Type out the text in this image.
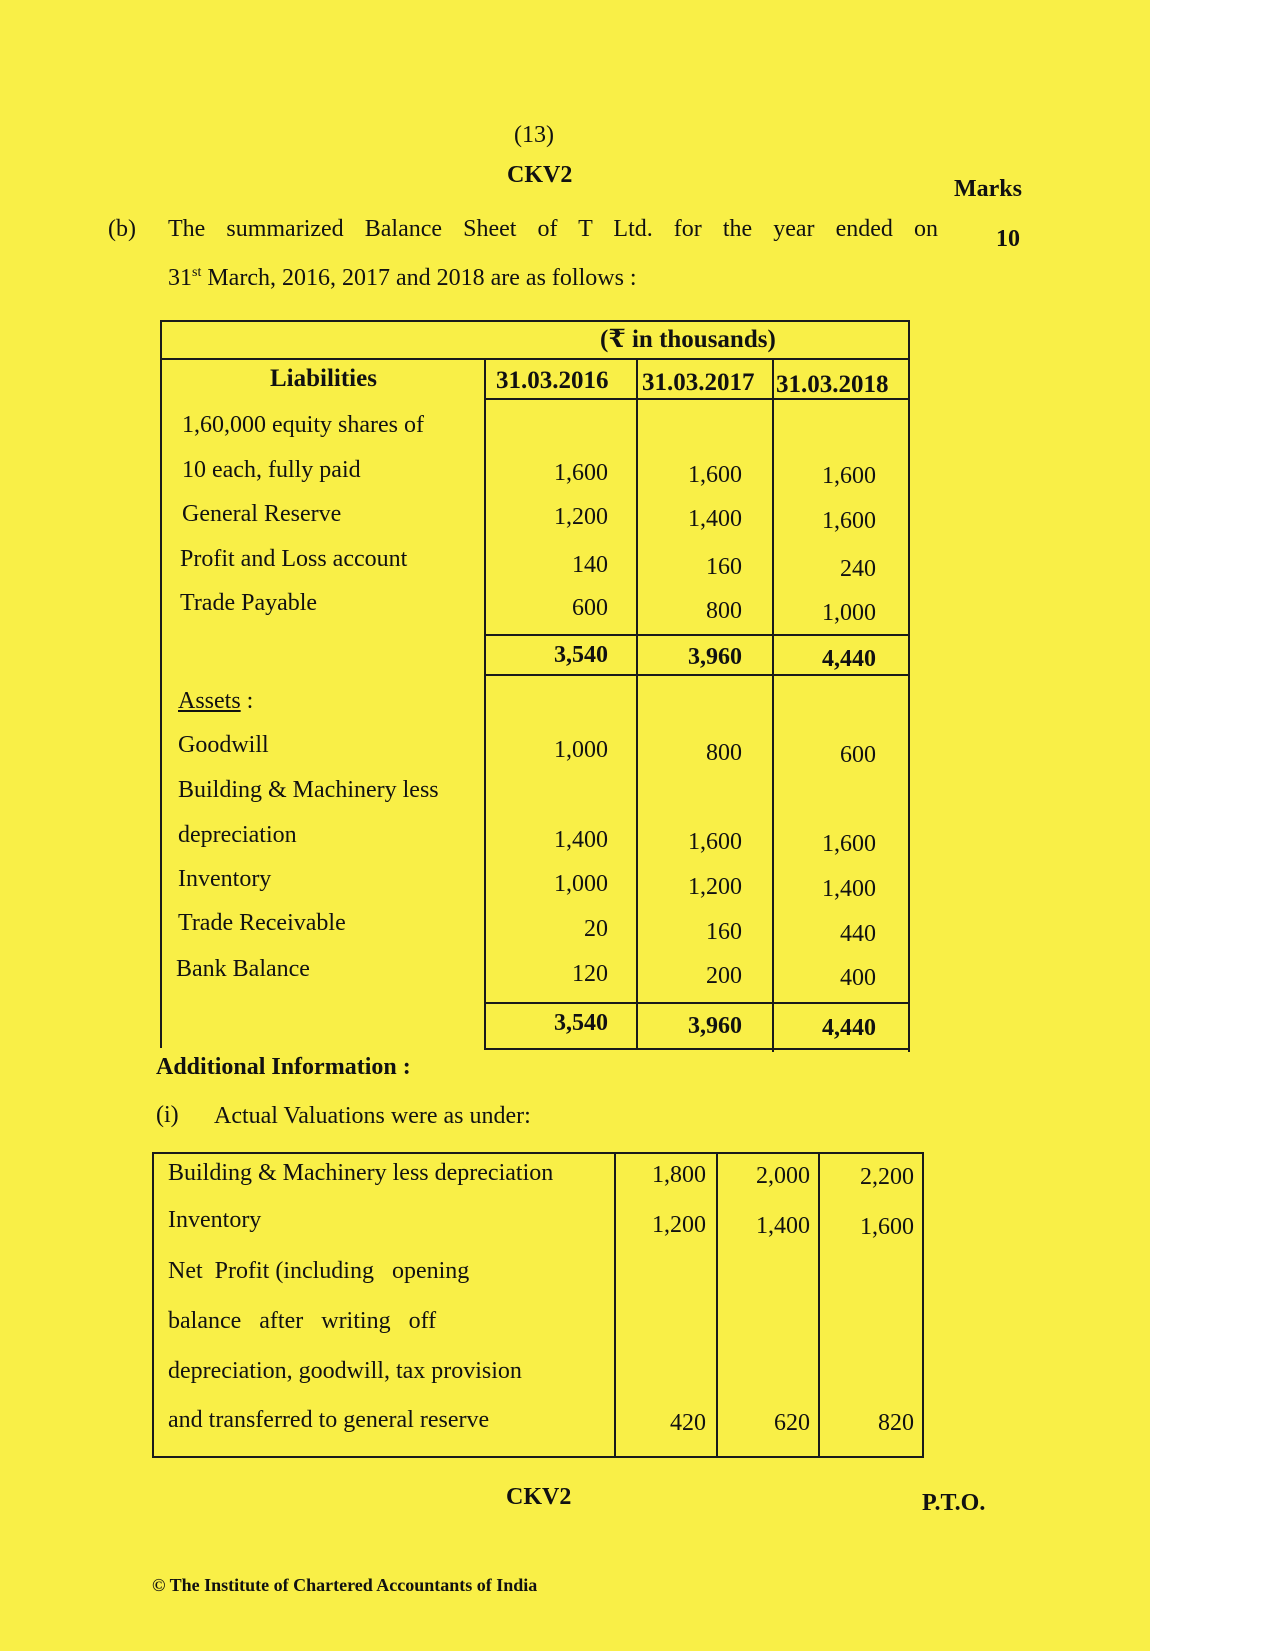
(13)
CKV2
Marks
(b) The summarized Balance Sheet of T Ltd. for the year ended on 10
31st March, 2016, 2017 and 2018 are as follows :
(₹ in thousands)
Liabilities	31.03.2016 31.03.2017 31.03.2018
1,60,000 equity shares of
10 each, fully paid	1,600	1,600	1,600
General Reserve	1,200	1,400	1,600
Profit and Loss account	140	160	240
Trade Payable	600	800	1,000
3,540	3,960	4,440
Assets :
Goodwill	1,000	800	600
Building & Machinery less
depreciation	1,400	1,600	1,600
Inventory	1,000	1,200	1,400
Trade Receivable	20	160	440
Bank Balance	120	200	400
3,540	3,960	4,440
Additional Information :
(i) Actual Valuations were as under:
Building & Machinery less depreciation	1,800	2,000	2,200
Inventory	1,200	1,400	1,600
Net  Profit (including   opening
balance   after   writing   off
depreciation, goodwill, tax provision
and transferred to general reserve	420	620	820
CKV2	P.T.O.
© The Institute of Chartered Accountants of India
